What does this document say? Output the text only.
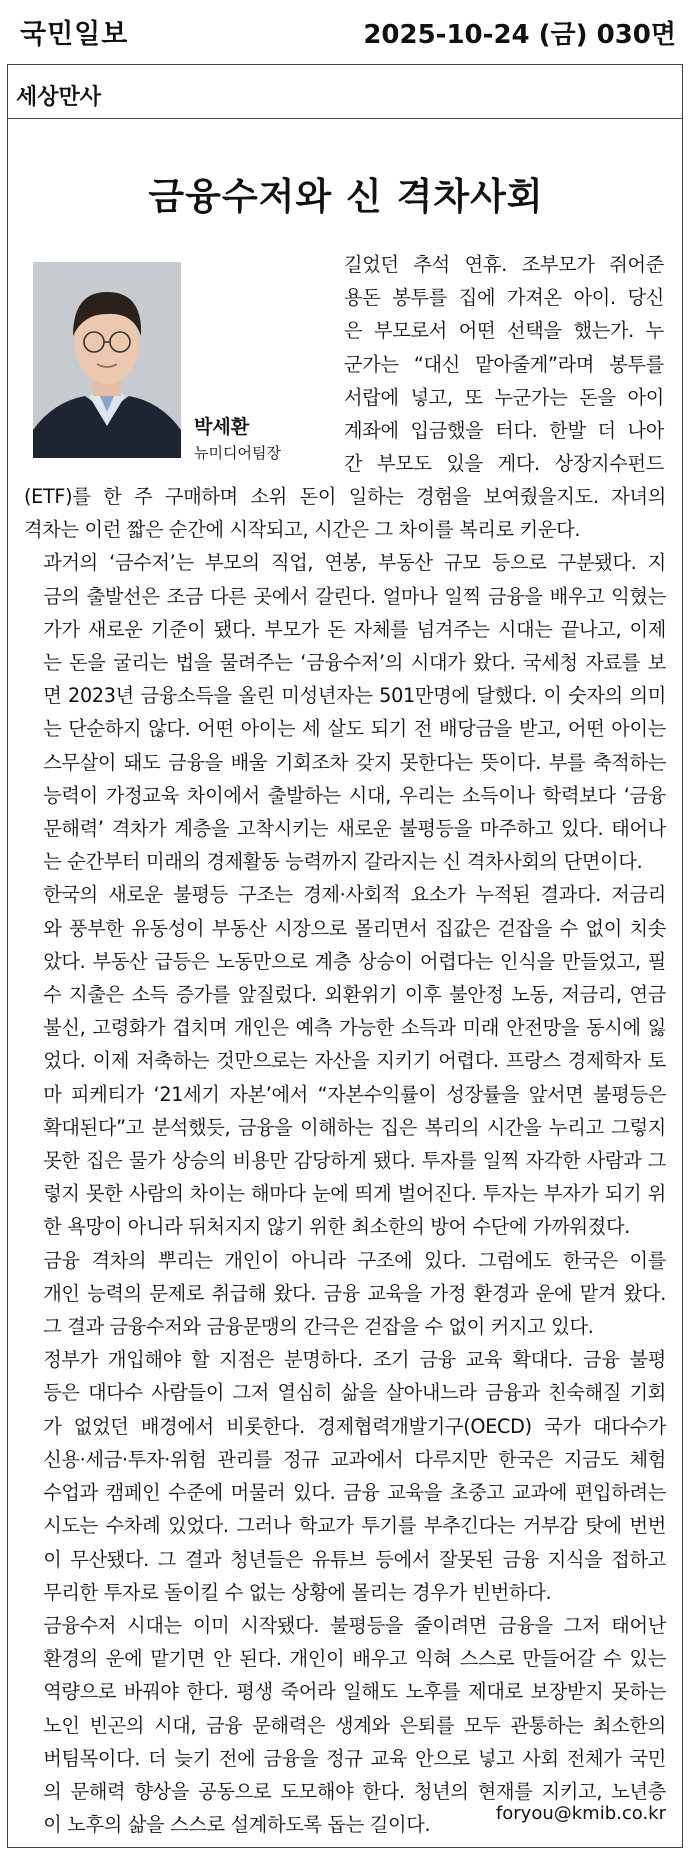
국민일보	2025-10-24 (금) 030면
세상만사
금융수저와 신 격차사회
박세환
뉴미디어팀장
길었던 추석 연휴. 조부모가 쥐어준
용돈 봉투를 집에 가져온 아이. 당신
은 부모로서 어떤 선택을 했는가. 누
군가는 “대신 맡아줄게”라며 봉투를
서랍에 넣고, 또 누군가는 돈을 아이
계좌에 입금했을 터다. 한발 더 나아
간 부모도 있을 게다. 상장지수펀드

(ETF)를 한 주 구매하며 소위 돈이 일하는 경험을 보여줬을지도. 자녀의
격차는 이런 짧은 순간에 시작되고, 시간은 그 차이를 복리로 키운다.

과거의 ‘금수저’는 부모의 직업, 연봉, 부동산 규모 등으로 구분됐다. 지
금의 출발선은 조금 다른 곳에서 갈린다. 얼마나 일찍 금융을 배우고 익혔는
가가 새로운 기준이 됐다. 부모가 돈 자체를 넘겨주는 시대는 끝나고, 이제
는 돈을 굴리는 법을 물려주는 ‘금융수저’의 시대가 왔다. 국세청 자료를 보
면 2023년 금융소득을 올린 미성년자는 501만명에 달했다. 이 숫자의 의미
는 단순하지 않다. 어떤 아이는 세 살도 되기 전 배당금을 받고, 어떤 아이는
스무살이 돼도 금융을 배울 기회조차 갖지 못한다는 뜻이다. 부를 축적하는
능력이 가정교육 차이에서 출발하는 시대, 우리는 소득이나 학력보다 ‘금융
문해력’ 격차가 계층을 고착시키는 새로운 불평등을 마주하고 있다. 태어나
는 순간부터 미래의 경제활동 능력까지 갈라지는 신 격차사회의 단면이다.

한국의 새로운 불평등 구조는 경제·사회적 요소가 누적된 결과다. 저금리
와 풍부한 유동성이 부동산 시장으로 몰리면서 집값은 걷잡을 수 없이 치솟
았다. 부동산 급등은 노동만으로 계층 상승이 어렵다는 인식을 만들었고, 필
수 지출은 소득 증가를 앞질렀다. 외환위기 이후 불안정 노동, 저금리, 연금
불신, 고령화가 겹치며 개인은 예측 가능한 소득과 미래 안전망을 동시에 잃
었다. 이제 저축하는 것만으로는 자산을 지키기 어렵다. 프랑스 경제학자 토
마 피케티가 ‘21세기 자본’에서 “자본수익률이 성장률을 앞서면 불평등은
확대된다”고 분석했듯, 금융을 이해하는 집은 복리의 시간을 누리고 그렇지
못한 집은 물가 상승의 비용만 감당하게 됐다. 투자를 일찍 자각한 사람과 그
렇지 못한 사람의 차이는 해마다 눈에 띄게 벌어진다. 투자는 부자가 되기 위
한 욕망이 아니라 뒤처지지 않기 위한 최소한의 방어 수단에 가까워졌다.

금융 격차의 뿌리는 개인이 아니라 구조에 있다. 그럼에도 한국은 이를
개인 능력의 문제로 취급해 왔다. 금융 교육을 가정 환경과 운에 맡겨 왔다.
그 결과 금융수저와 금융문맹의 간극은 걷잡을 수 없이 커지고 있다.

정부가 개입해야 할 지점은 분명하다. 조기 금융 교육 확대다. 금융 불평
등은 대다수 사람들이 그저 열심히 삶을 살아내느라 금융과 친숙해질 기회
가 없었던 배경에서 비롯한다. 경제협력개발기구(OECD) 국가 대다수가
신용·세금·투자·위험 관리를 정규 교과에서 다루지만 한국은 지금도 체험
수업과 캠페인 수준에 머물러 있다. 금융 교육을 초중고 교과에 편입하려는
시도는 수차례 있었다. 그러나 학교가 투기를 부추긴다는 거부감 탓에 번번
이 무산됐다. 그 결과 청년들은 유튜브 등에서 잘못된 금융 지식을 접하고
무리한 투자로 돌이킬 수 없는 상황에 몰리는 경우가 빈번하다.

금융수저 시대는 이미 시작됐다. 불평등을 줄이려면 금융을 그저 태어난
환경의 운에 맡기면 안 된다. 개인이 배우고 익혀 스스로 만들어갈 수 있는
역량으로 바꿔야 한다. 평생 죽어라 일해도 노후를 제대로 보장받지 못하는
노인 빈곤의 시대, 금융 문해력은 생계와 은퇴를 모두 관통하는 최소한의
버팀목이다. 더 늦기 전에 금융을 정규 교육 안으로 넣고 사회 전체가 국민
의 문해력 향상을 공동으로 도모해야 한다. 청년의 현재를 지키고, 노년층
이 노후의 삶을 스스로 설계하도록 돕는 길이다.	foryou@kmib.co.kr
